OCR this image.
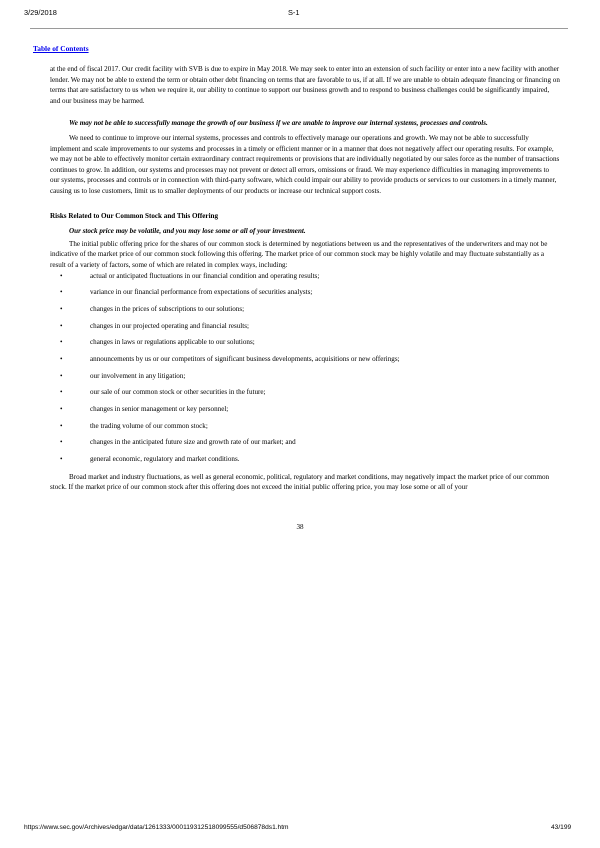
3/29/2018	S-1
Table of Contents

at the end of fiscal 2017. Our credit facility with SVB is due to expire in May 2018. We may seek to enter into an extension of such facility or enter into a new facility with another lender. We may not be able to extend the term or obtain other debt financing on terms that are favorable to us, if at all. If we are unable to obtain adequate financing or financing on terms that are satisfactory to us when we require it, our ability to continue to support our business growth and to respond to business challenges could be significantly impaired, and our business may be harmed.

We may not be able to successfully manage the growth of our business if we are unable to improve our internal systems, processes and controls.

We need to continue to improve our internal systems, processes and controls to effectively manage our operations and growth. We may not be able to successfully implement and scale improvements to our systems and processes in a timely or efficient manner or in a manner that does not negatively affect our operating results. For example, we may not be able to effectively monitor certain extraordinary contract requirements or provisions that are individually negotiated by our sales force as the number of transactions continues to grow. In addition, our systems and processes may not prevent or detect all errors, omissions or fraud. We may experience difficulties in managing improvements to our systems, processes and controls or in connection with third-party software, which could impair our ability to provide products or services to our customers in a timely manner, causing us to lose customers, limit us to smaller deployments of our products or increase our technical support costs.

Risks Related to Our Common Stock and This Offering

Our stock price may be volatile, and you may lose some or all of your investment.

The initial public offering price for the shares of our common stock is determined by negotiations between us and the representatives of the underwriters and may not be indicative of the market price of our common stock following this offering. The market price of our common stock may be highly volatile and may fluctuate substantially as a result of a variety of factors, some of which are related in complex ways, including:

•	actual or anticipated fluctuations in our financial condition and operating results;
•	variance in our financial performance from expectations of securities analysts;
•	changes in the prices of subscriptions to our solutions;
•	changes in our projected operating and financial results;
•	changes in laws or regulations applicable to our solutions;
•	announcements by us or our competitors of significant business developments, acquisitions or new offerings;
•	our involvement in any litigation;
•	our sale of our common stock or other securities in the future;
•	changes in senior management or key personnel;
•	the trading volume of our common stock;
•	changes in the anticipated future size and growth rate of our market; and
•	general economic, regulatory and market conditions.

Broad market and industry fluctuations, as well as general economic, political, regulatory and market conditions, may negatively impact the market price of our common stock. If the market price of our common stock after this offering does not exceed the initial public offering price, you may lose some or all of your

38
https://www.sec.gov/Archives/edgar/data/1261333/000119312518099555/d506878ds1.htm	43/199
